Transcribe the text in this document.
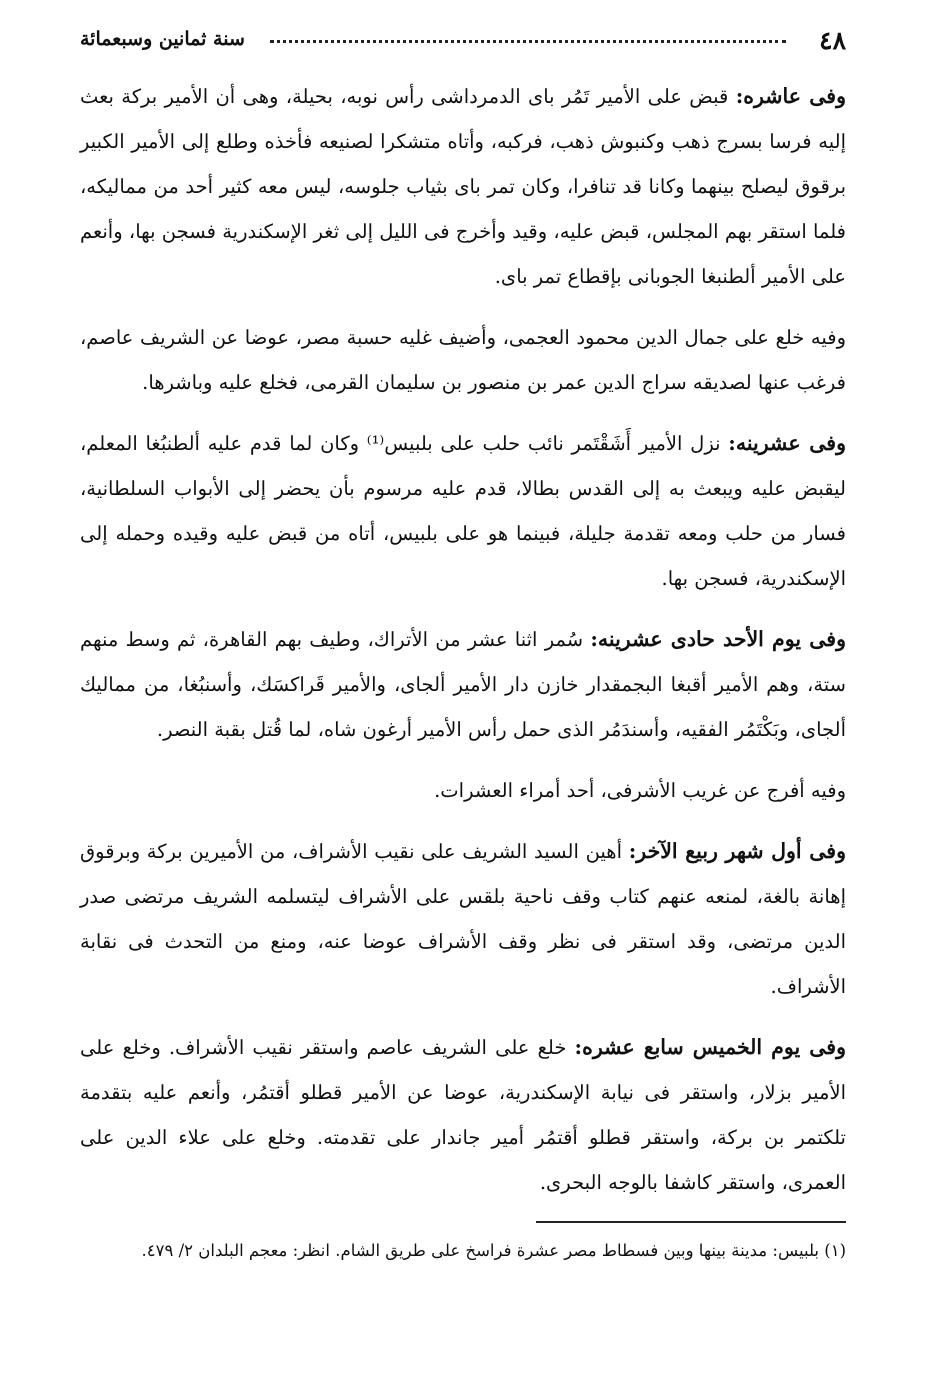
٤٨
سنة ثمانين وسبعمائة

وفى عاشره: قبض على الأمير تَمُر باى الدمرداشى رأس نوبه، بحيلة، وهى أن الأمير بركة بعث إليه فرسا بسرج ذهب وكنبوش ذهب، فركبه، وأتاه متشكرا لصنيعه فأخذه وطلع إلى الأمير الكبير برقوق ليصلح بينهما وكانا قد تنافرا، وكان تمر باى بثياب جلوسه، ليس معه كثير أحد من مماليكه، فلما استقر بهم المجلس، قبض عليه، وقيد وأخرج فى الليل إلى ثغر الإسكندرية فسجن بها، وأنعم على الأمير ألطنبغا الجوبانى بإقطاع تمر باى.

وفيه خلع على جمال الدين محمود العجمى، وأضيف غليه حسبة مصر، عوضا عن الشريف عاصم، فرغب عنها لصديقه سراج الدين عمر بن منصور بن سليمان القرمى، فخلع عليه وباشرها.

وفى عشرينه: نزل الأمير أَشَقْتَمر نائب حلب على بلبيس⁽¹⁾ وكان لما قدم عليه ألطنبُغا المعلم، ليقبض عليه ويبعث به إلى القدس بطالا، قدم عليه مرسوم بأن يحضر إلى الأبواب السلطانية، فسار من حلب ومعه تقدمة جليلة، فبينما هو على بلبيس، أتاه من قبض عليه وقيده وحمله إلى الإسكندرية، فسجن بها.

وفى يوم الأحد حادى عشرينه: سُمر اثنا عشر من الأتراك، وطيف بهم القاهرة، ثم وسط منهم ستة، وهم الأمير أقبغا البجمقدار خازن دار الأمير ألجاى، والأمير قَراكسَك، وأسنبُغا، من مماليك ألجاى، وبَكْتَمُر الفقيه، وأسندَمُر الذى حمل رأس الأمير أرغون شاه، لما قُتل بقبة النصر.

وفيه أفرج عن غريب الأشرفى، أحد أمراء العشرات.

وفى أول شهر ربيع الآخر: أهين السيد الشريف على نقيب الأشراف، من الأميرين بركة وبرقوق إهانة بالغة، لمنعه عنهم كتاب وقف ناحية بلقس على الأشراف ليتسلمه الشريف مرتضى صدر الدين مرتضى، وقد استقر فى نظر وقف الأشراف عوضا عنه، ومنع من التحدث فى نقابة الأشراف.

وفى يوم الخميس سابع عشره: خلع على الشريف عاصم واستقر نقيب الأشراف. وخلع على الأمير بزلار، واستقر فى نيابة الإسكندرية، عوضا عن الأمير قطلو أقتمُر، وأنعم عليه بتقدمة تلكتمر بن بركة، واستقر قطلو أقتمُر أمير جاندار على تقدمته. وخلع على علاء الدين على العمرى، واستقر كاشفا بالوجه البحرى.

(١) بلبيس: مدينة بينها وبين فسطاط مصر عشرة فراسخ على طريق الشام. انظر: معجم البلدان ٢/ ٤٧٩.
